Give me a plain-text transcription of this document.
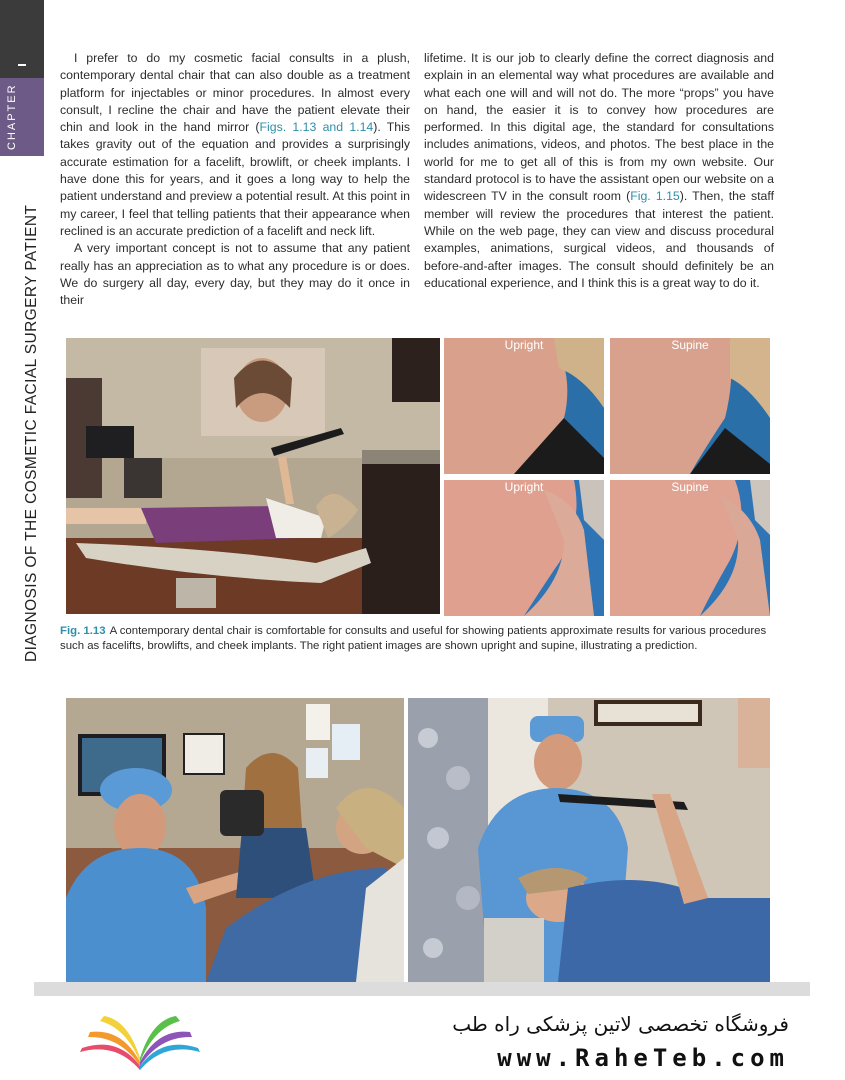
CHAPTER
DIAGNOSIS OF THE COSMETIC FACIAL SURGERY PATIENT

I prefer to do my cosmetic facial consults in a plush, contemporary dental chair that can also double as a treatment platform for injectables or minor procedures. In almost every consult, I recline the chair and have the patient elevate their chin and look in the hand mirror (Figs. 1.13 and 1.14). This takes gravity out of the equation and provides a surprisingly accurate estimation for a facelift, browlift, or cheek implants. I have done this for years, and it goes a long way to help the patient understand and preview a potential result. At this point in my career, I feel that telling patients that their appearance when reclined is an accurate prediction of a facelift and neck lift.

A very important concept is not to assume that any patient really has an appreciation as to what any procedure is or does. We do surgery all day, every day, but they may do it once in their

lifetime. It is our job to clearly define the correct diagnosis and explain in an elemental way what procedures are available and what each one will and will not do. The more “props” you have on hand, the easier it is to convey how procedures are performed. In this digital age, the standard for consultations includes animations, videos, and photos. The best place in the world for me to get all of this is from my own website. Our standard protocol is to have the assistant open our website on a widescreen TV in the consult room (Fig. 1.15). Then, the staff member will review the procedures that interest the patient. While on the web page, they can view and discuss procedural examples, animations, surgical videos, and thousands of before-and-after images. The consult should definitely be an educational experience, and I think this is a great way to do it.

Upright	Supine
Upright	Supine
Fig. 1.13 A contemporary dental chair is comfortable for consults and useful for showing patients approximate results for various procedures such as facelifts, browlifts, and cheek implants. The right patient images are shown upright and supine, illustrating a prediction.
فروشگاه تخصصی لاتین پزشکی راه طب
www.RaheTeb.com
